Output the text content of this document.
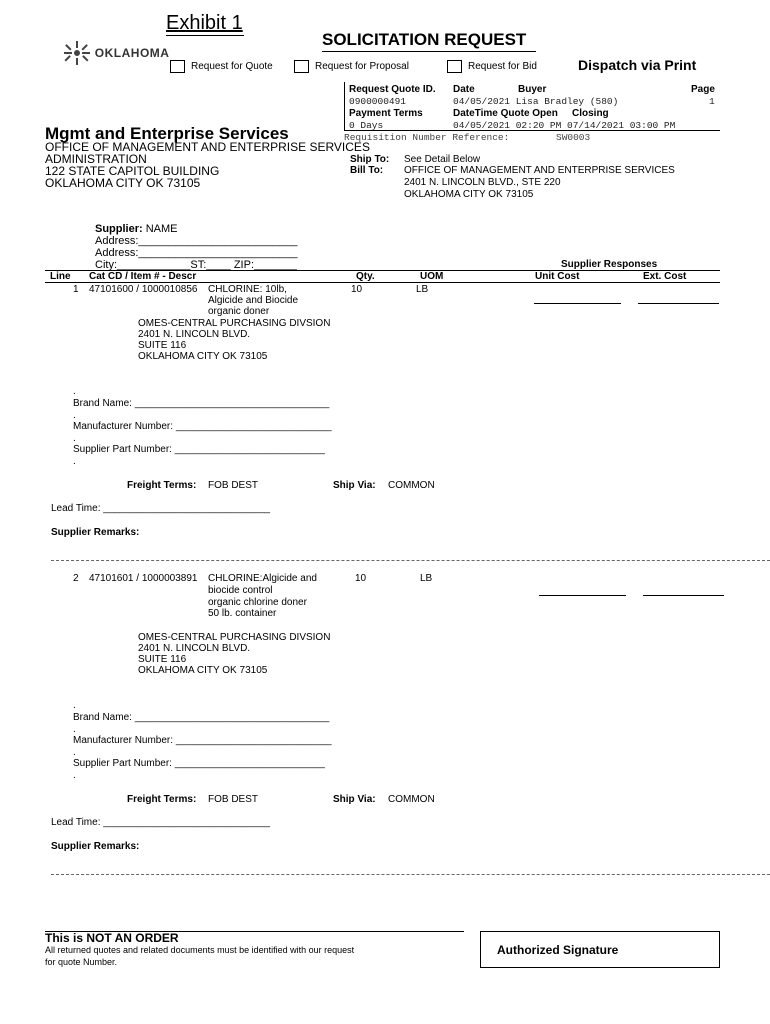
Exhibit 1
OKLAHOMA
SOLICITATION REQUEST
Request for Quote	Request for Proposal	Request for Bid	Dispatch via Print
Request Quote ID. Date	Buyer	Page
0900000491	04/05/2021 Lisa Bradley (580)	1
Payment Terms	DateTime Quote Open Closing
0 Days	04/05/2021 02:20 PM 07/14/2021 03:00 PM
Requisition Number Reference:	SW0003
Mgmt and Enterprise Services
OFFICE OF MANAGEMENT AND ENTERPRISE SERVICES
ADMINISTRATION
122 STATE CAPITOL BUILDING
OKLAHOMA CITY OK 73105
Ship To: See Detail Below
Bill To: OFFICE OF MANAGEMENT AND ENTERPRISE SERVICES
2401 N. LINCOLN BLVD., STE 220
OKLAHOMA CITY OK 73105
Supplier: NAME
Address:__________________________
Address:__________________________
City:____________ST:____ ZIP:_______	Supplier Responses
Line Cat CD / Item # - Descr	Qty.	UOM	Unit Cost	Ext. Cost
1 47101600 / 1000010856 CHLORINE: 10lb,
Algicide and Biocide
organic doner
10	LB
OMES-CENTRAL PURCHASING DIVSION
2401 N. LINCOLN BLVD.
SUITE 116
OKLAHOMA CITY OK 73105
.
Brand Name: ___________________________________
.
Manufacturer Number: ____________________________
.
Supplier Part Number: ___________________________
.
Freight Terms: FOB DEST	Ship Via: COMMON
Lead Time: ______________________________
Supplier Remarks:
2 47101601 / 1000003891 CHLORINE:Algicide and
biocide control
organic chlorine doner
50 lb. container
10	LB
OMES-CENTRAL PURCHASING DIVSION
2401 N. LINCOLN BLVD.
SUITE 116
OKLAHOMA CITY OK 73105
.
Brand Name: ___________________________________
.
Manufacturer Number: ____________________________
.
Supplier Part Number: ___________________________
.
Freight Terms: FOB DEST	Ship Via: COMMON
Lead Time: ______________________________
Supplier Remarks:
This is NOT AN ORDER
All returned quotes and related documents must be identified with our request
for quote Number.
Authorized Signature
